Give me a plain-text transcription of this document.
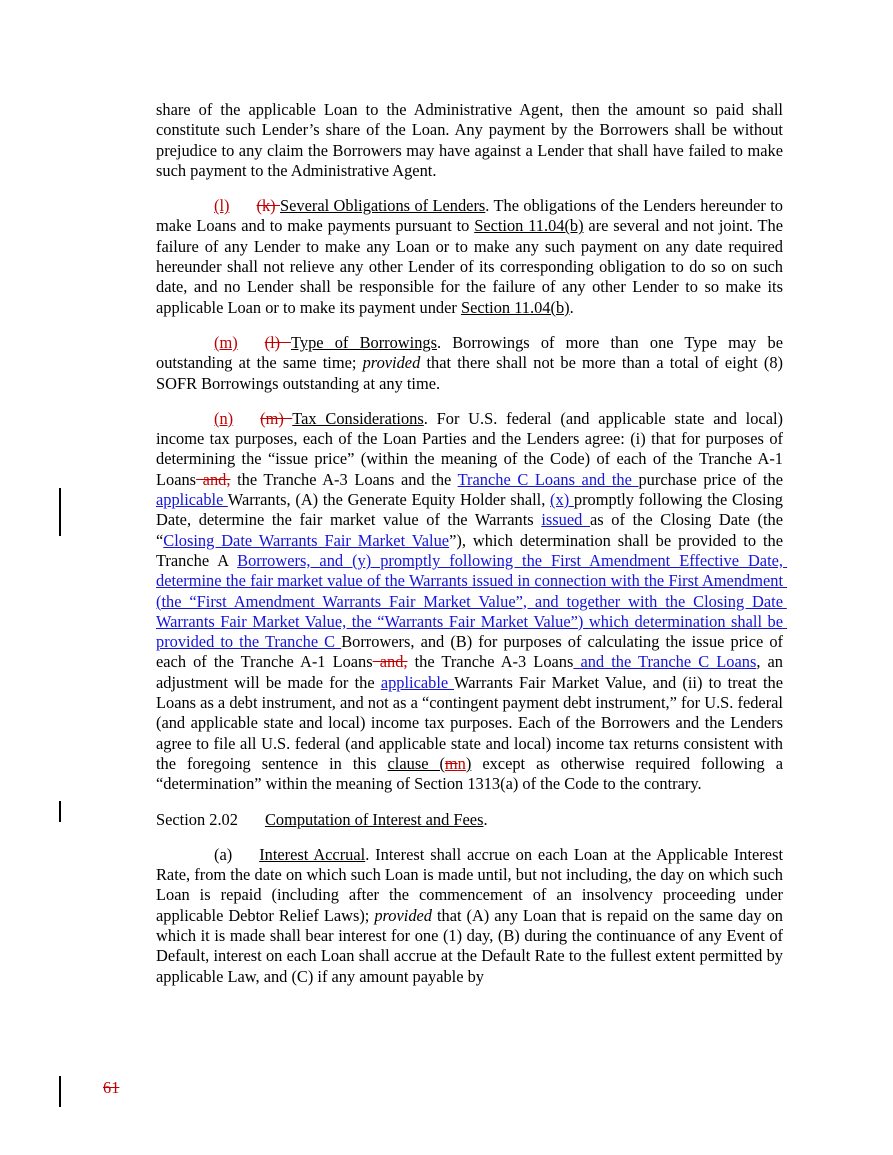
share of the applicable Loan to the Administrative Agent, then the amount so paid shall constitute such Lender’s share of the Loan. Any payment by the Borrowers shall be without prejudice to any claim the Borrowers may have against a Lender that shall have failed to make such payment to the Administrative Agent.

(l) (k) Several Obligations of Lenders. The obligations of the Lenders hereunder to make Loans and to make payments pursuant to Section 11.04(b) are several and not joint. The failure of any Lender to make any Loan or to make any such payment on any date required hereunder shall not relieve any other Lender of its corresponding obligation to do so on such date, and no Lender shall be responsible for the failure of any other Lender to so make its applicable Loan or to make its payment under Section 11.04(b).

(m) (l) Type of Borrowings. Borrowings of more than one Type may be outstanding at the same time; provided that there shall not be more than a total of eight (8) SOFR Borrowings outstanding at any time.

(n) (m) Tax Considerations. For U.S. federal (and applicable state and local) income tax purposes, each of the Loan Parties and the Lenders agree: (i) that for purposes of determining the “issue price” (within the meaning of the Code) of each of the Tranche A-1 Loans and, the Tranche A-3 Loans and the Tranche C Loans and the purchase price of the applicable Warrants, (A) the Generate Equity Holder shall, (x) promptly following the Closing Date, determine the fair market value of the Warrants issued as of the Closing Date (the “Closing Date Warrants Fair Market Value”), which determination shall be provided to the Tranche A Borrowers, and (y) promptly following the First Amendment Effective Date, determine the fair market value of the Warrants issued in connection with the First Amendment (the “First Amendment Warrants Fair Market Value”, and together with the Closing Date Warrants Fair Market Value, the “Warrants Fair Market Value”) which determination shall be provided to the Tranche C Borrowers, and (B) for purposes of calculating the issue price of each of the Tranche A-1 Loans and, the Tranche A-3 Loans and the Tranche C Loans, an adjustment will be made for the applicable Warrants Fair Market Value, and (ii) to treat the Loans as a debt instrument, and not as a “contingent payment debt instrument,” for U.S. federal (and applicable state and local) income tax purposes. Each of the Borrowers and the Lenders agree to file all U.S. federal (and applicable state and local) income tax returns consistent with the foregoing sentence in this clause (mn) except as otherwise required following a “determination” within the meaning of Section 1313(a) of the Code to the contrary.

Section 2.02 Computation of Interest and Fees.

(a) Interest Accrual. Interest shall accrue on each Loan at the Applicable Interest Rate, from the date on which such Loan is made until, but not including, the day on which such Loan is repaid (including after the commencement of an insolvency proceeding under applicable Debtor Relief Laws); provided that (A) any Loan that is repaid on the same day on which it is made shall bear interest for one (1) day, (B) during the continuance of any Event of Default, interest on each Loan shall accrue at the Default Rate to the fullest extent permitted by applicable Law, and (C) if any amount payable by

61
